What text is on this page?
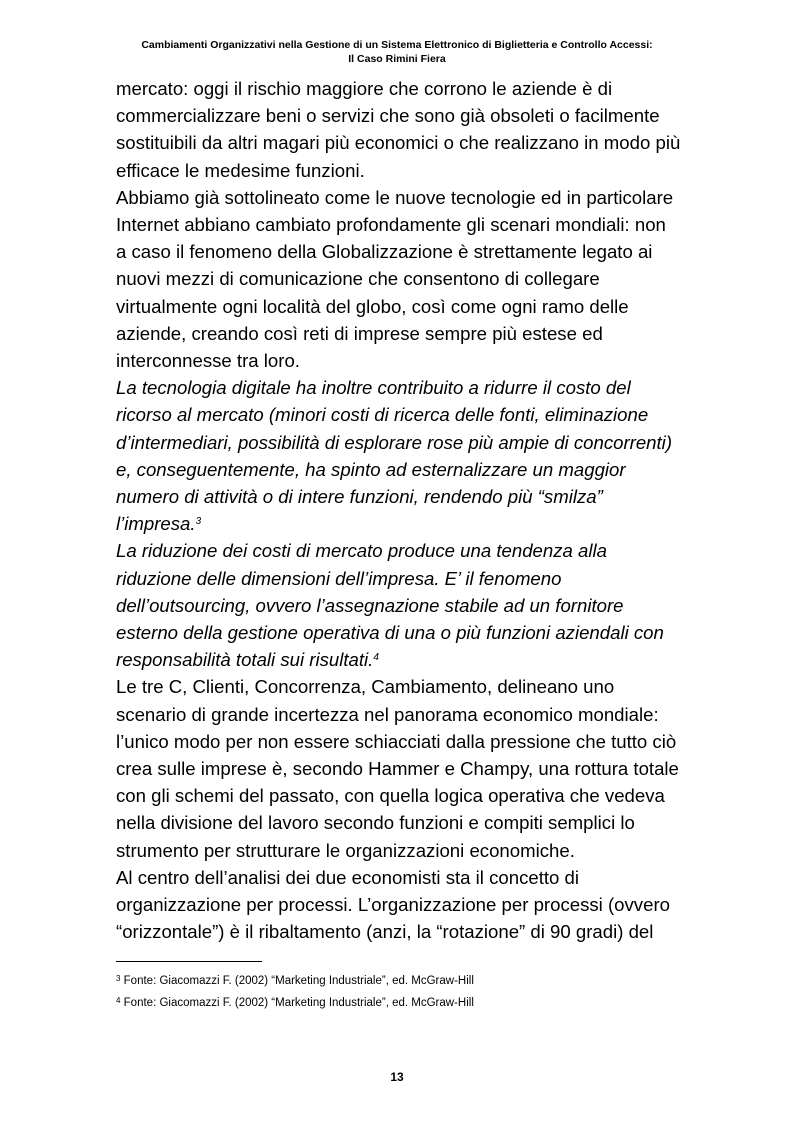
Cambiamenti Organizzativi nella Gestione di un Sistema Elettronico di Biglietteria e Controllo Accessi:
Il Caso Rimini Fiera

mercato: oggi il rischio maggiore che corrono le aziende è di

commercializzare beni o servizi che sono già obsoleti o facilmente

sostituibili da altri magari più economici o che realizzano in modo più

efficace le medesime funzioni.

Abbiamo già sottolineato come le nuove tecnologie ed in particolare

Internet abbiano cambiato profondamente gli scenari mondiali: non

a caso il fenomeno della Globalizzazione è strettamente legato ai

nuovi mezzi di comunicazione che consentono di collegare

virtualmente ogni località del globo, così come ogni ramo delle

aziende, creando così reti di imprese sempre più estese ed

interconnesse tra loro.

La tecnologia digitale ha inoltre contribuito a ridurre il costo del

ricorso al mercato (minori costi di ricerca delle fonti, eliminazione

d’intermediari, possibilità di esplorare rose più ampie di concorrenti)

e, conseguentemente, ha spinto ad esternalizzare un maggior

numero di attività o di intere funzioni, rendendo più “smilza”

l’impresa.$^3$

La riduzione dei costi di mercato produce una tendenza alla

riduzione delle dimensioni dell’impresa. E’ il fenomeno

dell’outsourcing, ovvero l’assegnazione stabile ad un fornitore

esterno della gestione operativa di una o più funzioni aziendali con

responsabilità totali sui risultati.$^4$

Le tre C, Clienti, Concorrenza, Cambiamento, delineano uno

scenario di grande incertezza nel panorama economico mondiale:

l’unico modo per non essere schiacciati dalla pressione che tutto ciò

crea sulle imprese è, secondo Hammer e Champy, una rottura totale

con gli schemi del passato, con quella logica operativa che vedeva

nella divisione del lavoro secondo funzioni e compiti semplici lo

strumento per strutturare le organizzazioni economiche.

Al centro dell’analisi dei due economisti sta il concetto di

organizzazione per processi. L’organizzazione per processi (ovvero

“orizzontale”) è il ribaltamento (anzi, la “rotazione” di 90 gradi) del

$^3$ Fonte: Giacomazzi F. (2002) “Marketing Industriale”, ed. McGraw-Hill

$^4$ Fonte: Giacomazzi F. (2002) “Marketing Industriale”, ed. McGraw-Hill

13
